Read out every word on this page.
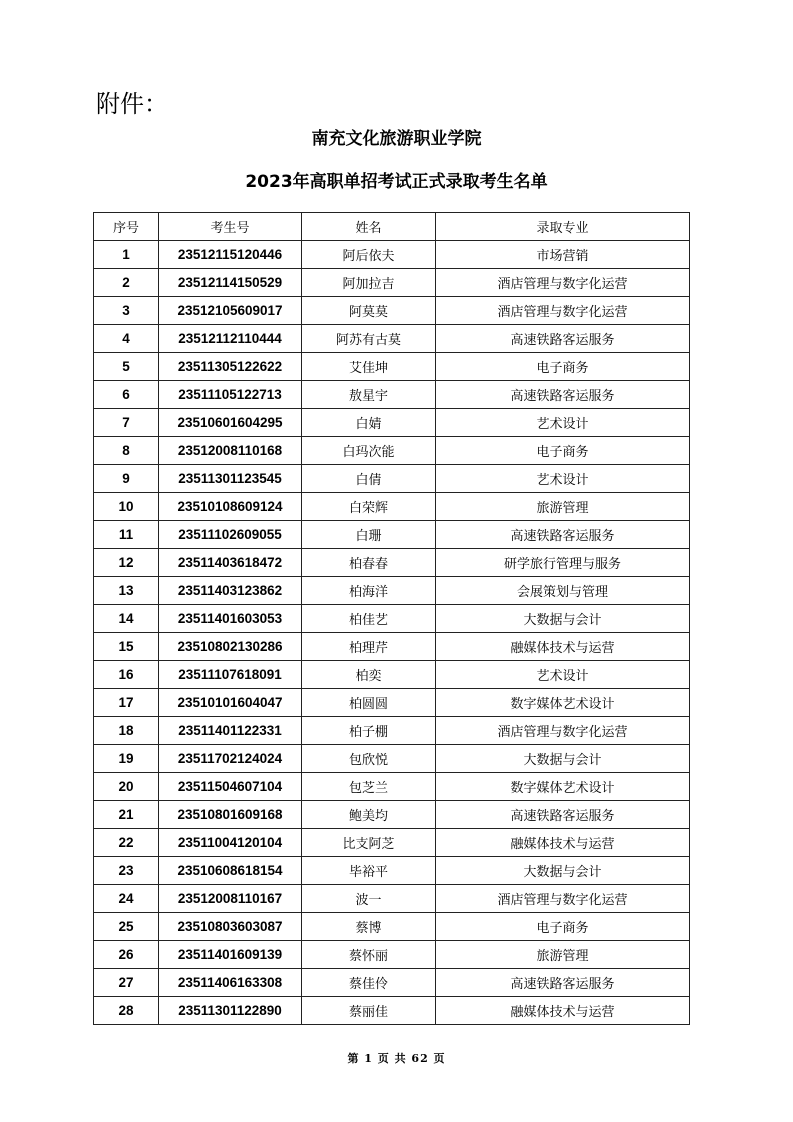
附件：
南充文化旅游职业学院
2023年高职单招考试正式录取考生名单
序号	考生号	姓名	录取专业
1	23512115120446	阿后依夫	市场营销
2	23512114150529	阿加拉吉	酒店管理与数字化运营
3	23512105609017	阿莫莫	酒店管理与数字化运营
4	23512112110444	阿苏有古莫	高速铁路客运服务
5	23511305122622	艾佳坤	电子商务
6	23511105122713	敖星宇	高速铁路客运服务
7	23510601604295	白婧	艺术设计
8	23512008110168	白玛次能	电子商务
9	23511301123545	白倩	艺术设计
10	23510108609124	白荣辉	旅游管理
11	23511102609055	白珊	高速铁路客运服务
12	23511403618472	柏春春	研学旅行管理与服务
13	23511403123862	柏海洋	会展策划与管理
14	23511401603053	柏佳艺	大数据与会计
15	23510802130286	柏理芹	融媒体技术与运营
16	23511107618091	柏奕	艺术设计
17	23510101604047	柏圆圆	数字媒体艺术设计
18	23511401122331	柏子棚	酒店管理与数字化运营
19	23511702124024	包欣悦	大数据与会计
20	23511504607104	包芝兰	数字媒体艺术设计
21	23510801609168	鲍美均	高速铁路客运服务
22	23511004120104	比支阿芝	融媒体技术与运营
23	23510608618154	毕裕平	大数据与会计
24	23512008110167	波一	酒店管理与数字化运营
25	23510803603087	蔡博	电子商务
26	23511401609139	蔡怀丽	旅游管理
27	23511406163308	蔡佳伶	高速铁路客运服务
28	23511301122890	蔡丽佳	融媒体技术与运营
第 1 页 共 62 页
